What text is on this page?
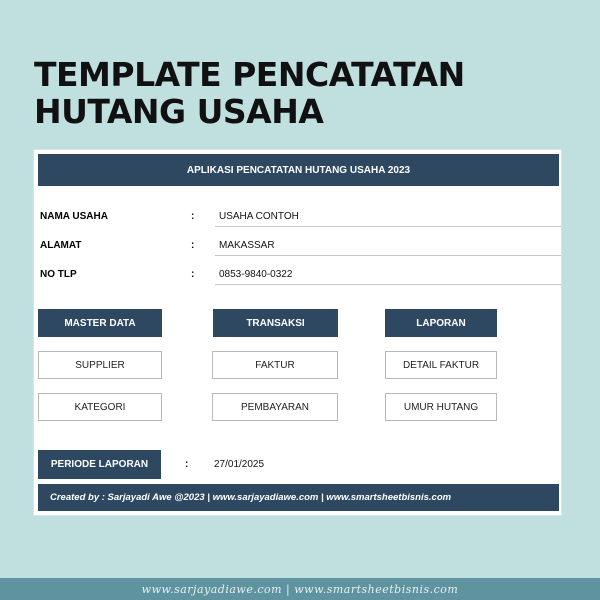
TEMPLATE PENCATATAN
HUTANG USAHA
APLIKASI PENCATATAN HUTANG USAHA 2023
NAMA USAHA	:	USAHA CONTOH
ALAMAT	:	MAKASSAR
NO TLP	:	0853-9840-0322
MASTER DATA
SUPPLIER
KATEGORI
TRANSAKSI
FAKTUR
PEMBAYARAN
LAPORAN
DETAIL FAKTUR
UMUR HUTANG
PERIODE LAPORAN	:	27/01/2025
Created by : Sarjayadi Awe @2023 | www.sarjayadiawe.com | www.smartsheetbisnis.com
www.sarjayadiawe.com | www.smartsheetbisnis.com
